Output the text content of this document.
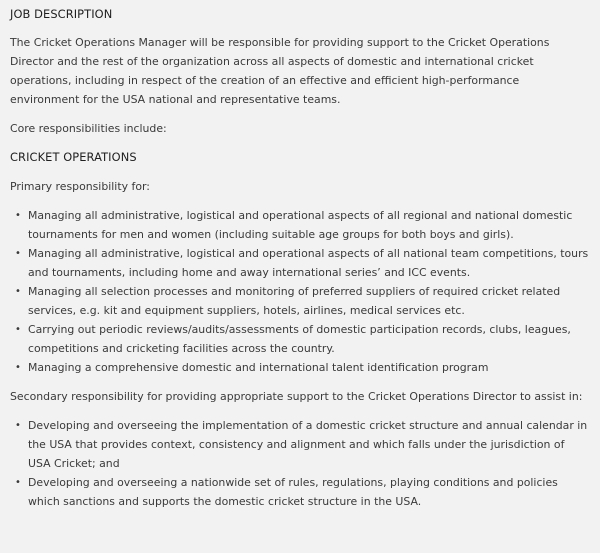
JOB DESCRIPTION

The Cricket Operations Manager will be responsible for providing support to the Cricket Operations Director and the rest of the organization across all aspects of domestic and international cricket operations, including in respect of the creation of an effective and efficient high-performance environment for the USA national and representative teams.

Core responsibilities include:

CRICKET OPERATIONS

Primary responsibility for:

• Managing all administrative, logistical and operational aspects of all regional and national domestic tournaments for men and women (including suitable age groups for both boys and girls).
• Managing all administrative, logistical and operational aspects of all national team competitions, tours and tournaments, including home and away international series’ and ICC events.
• Managing all selection processes and monitoring of preferred suppliers of required cricket related services, e.g. kit and equipment suppliers, hotels, airlines, medical services etc.
• Carrying out periodic reviews/audits/assessments of domestic participation records, clubs, leagues, competitions and cricketing facilities across the country.
• Managing a comprehensive domestic and international talent identification program

Secondary responsibility for providing appropriate support to the Cricket Operations Director to assist in:

• Developing and overseeing the implementation of a domestic cricket structure and annual calendar in the USA that provides context, consistency and alignment and which falls under the jurisdiction of USA Cricket; and
• Developing and overseeing a nationwide set of rules, regulations, playing conditions and policies which sanctions and supports the domestic cricket structure in the USA.
